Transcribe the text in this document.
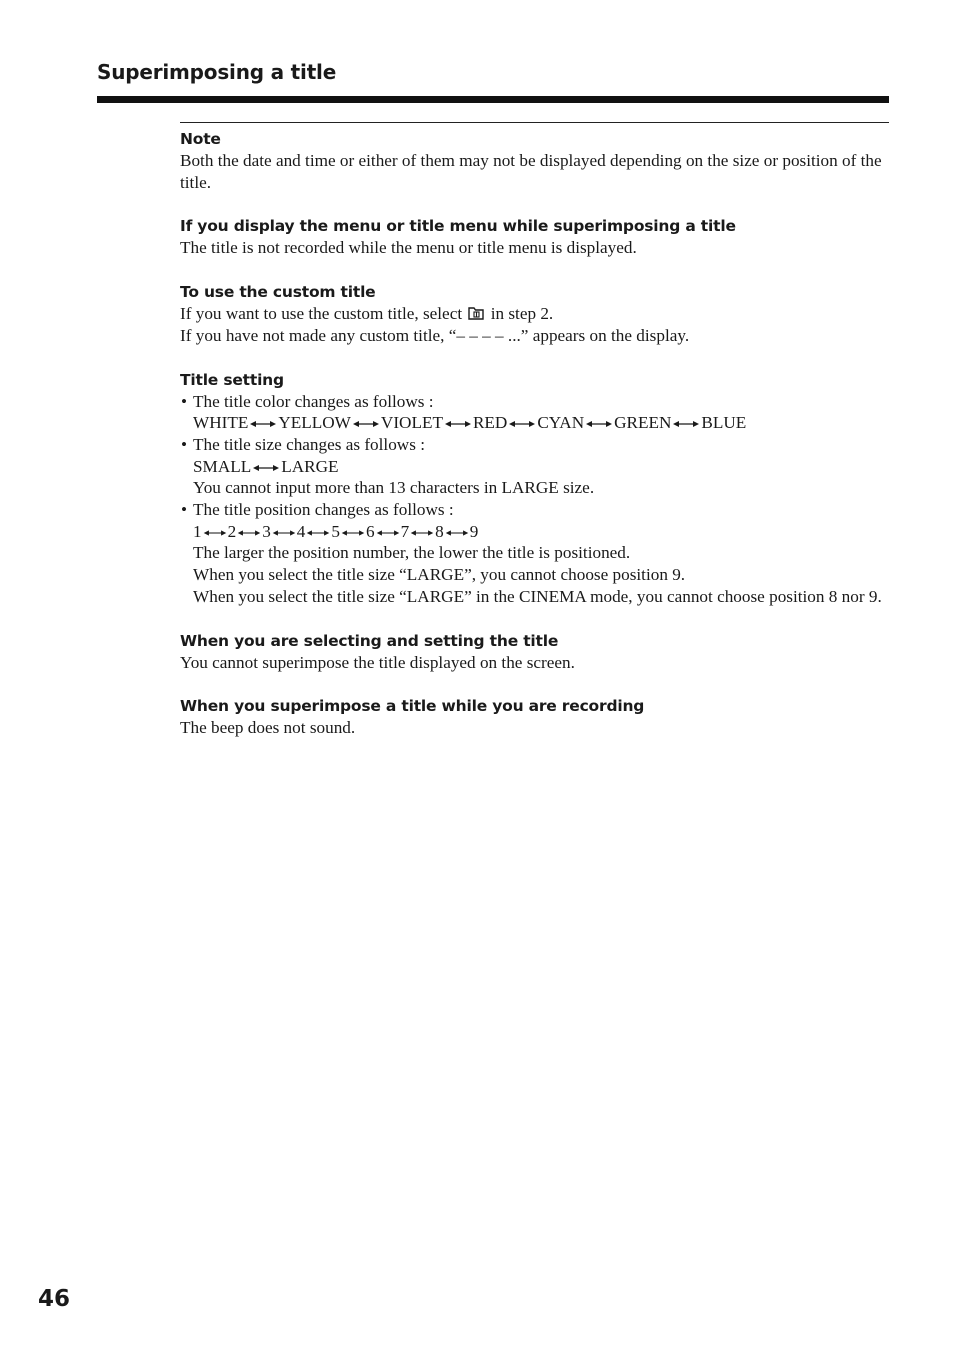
Superimposing a title
Note
Both the date and time or either of them may not be displayed depending on the size or position of the title.
If you display the menu or title menu while superimposing a title
The title is not recorded while the menu or title menu is displayed.
To use the custom title
If you want to use the custom title, select in step 2.
If you have not made any custom title, “– – – – ...” appears on the display.
Title setting
• The title color changes as follows :
WHITE YELLOW VIOLET RED CYAN GREEN BLUE
• The title size changes as follows :
SMALL LARGE
You cannot input more than 13 characters in LARGE size.
• The title position changes as follows :
1 2 3 4 5 6 7 8 9
The larger the position number, the lower the title is positioned.
When you select the title size “LARGE”, you cannot choose position 9.
When you select the title size “LARGE” in the CINEMA mode, you cannot choose position 8 nor 9.
When you are selecting and setting the title
You cannot superimpose the title displayed on the screen.
When you superimpose a title while you are recording
The beep does not sound.
46
